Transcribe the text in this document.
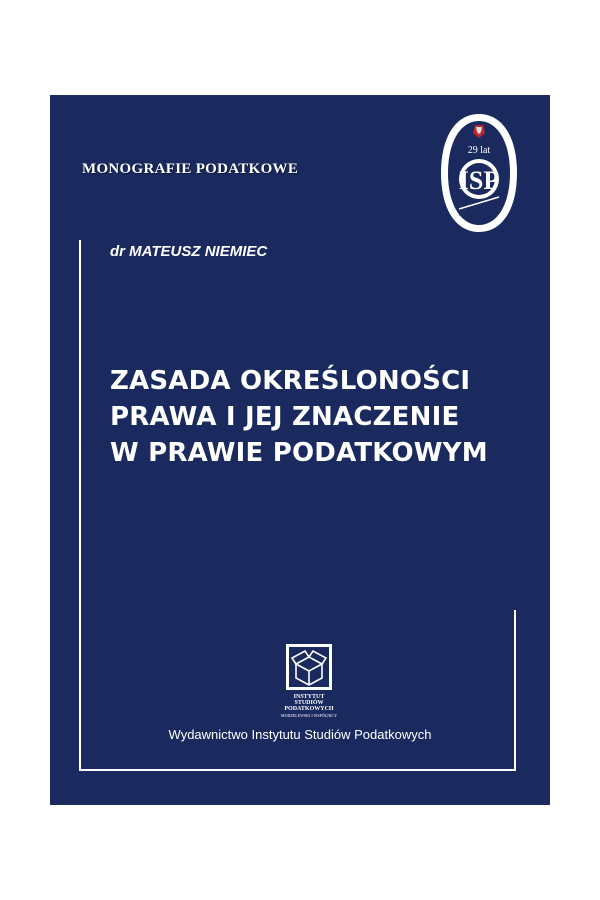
MONOGRAFIE PODATKOWE
29 lat
ISP

dr MATEUSZ NIEMIEC

ZASADA OKREŚLONOŚCI
PRAWA I JEJ ZNACZENIE
W PRAWIE PODATKOWYM
INSTYTUT
STUDIÓW
PODATKOWYCH
MODZELEWSKI I WSPÓLNICY

Wydawnictwo Instytutu Studiów Podatkowych
